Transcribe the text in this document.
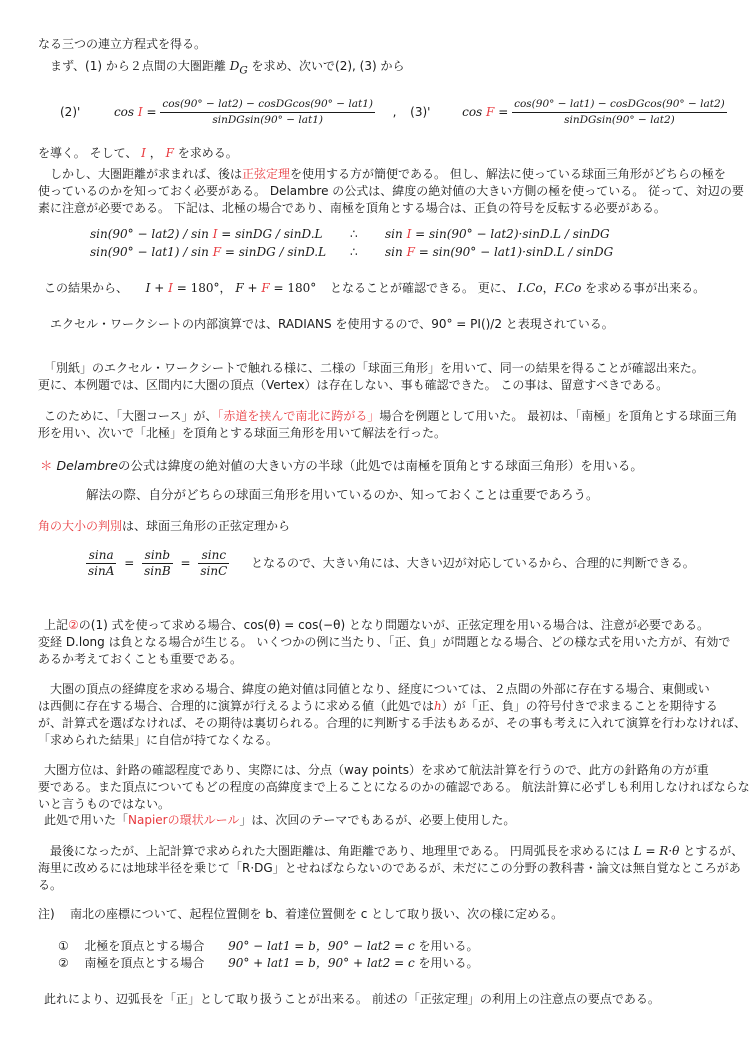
なる三つの連立方程式を得る。
まず、(1) から２点間の大圏距離 $D_G$ を求め、次いで(2), (3) から
(2)'	$\cos I = \frac{\text{cos(90° − lat2) − cosDGcos(90° − lat1)}}{\text{sinDGsin(90° − lat1)}}$ , (3)'	$\cos F = \frac{\text{cos(90° − lat1) − cosDGcos(90° − lat2)}}{\text{sinDGsin(90° − lat2)}}$
を導く。 そして、 I ， F を求める。
しかし、大圏距離が求まれば、後は正弦定理を使用する方が簡便である。 但し、解法に使っている球面三角形がどちらの極を
使っているのかを知っておく必要がある。 Delambre の公式は、緯度の絶対値の大きい方側の極を使っている。 従って、対辺の要
素に注意が必要である。 下記は、北極の場合であり、南極を頂角とする場合は、正負の符号を反転する必要がある。
sin(90° − lat2) / sin I = sinDG / sinD.L ∴ sin I = sin(90° − lat2)·sinD.L / sinDG
sin(90° − lat1) / sin F = sinDG / sinD.L ∴ sin F = sin(90° − lat1)·sinD.L / sinDG
この結果から、 I + I = 180°， F + F = 180° となることが確認できる。 更に、 I.Co，F.Co を求める事が出来る。
エクセル・ワークシートの内部演算では、RADIANS を使用するので、90° = PI()/2 と表現されている。
「別紙」のエクセル・ワークシートで触れる様に、二様の「球面三角形」を用いて、同一の結果を得ることが確認出来た。
更に、本例題では、区間内に大圏の頂点（Vertex）は存在しない、事も確認できた。 この事は、留意すべきである。
このために、「大圏コース」が、「赤道を挟んで南北に跨がる」場合を例題として用いた。 最初は、「南極」を頂角とする球面三角
形を用い、次いで「北極」を頂角とする球面三角形を用いて解法を行った。
＊ Delambreの公式は緯度の絶対値の大きい方の半球（此処では南極を頂角とする球面三角形）を用いる。
解法の際、自分がどちらの球面三角形を用いているのか、知っておくことは重要であろう。
角の大小の判別は、球面三角形の正弦定理から
$\frac{\sin a}{\sin A} = \frac{\sin b}{\sin B} = \frac{\sin c}{\sin C}$ となるので、大きい角には、大きい辺が対応しているから、合理的に判断できる。
上記②の(1) 式を使って求める場合、cos(θ) = cos(−θ) となり問題ないが、正弦定理を用いる場合は、注意が必要である。
変経 D.long は負となる場合が生じる。 いくつかの例に当たり、「正、負」が問題となる場合、どの様な式を用いた方が、有効で
あるか考えておくことも重要である。
大圏の頂点の経緯度を求める場合、緯度の絶対値は同値となり、経度については、２点間の外部に存在する場合、東側或い
は西側に存在する場合、合理的に演算が行えるように求める値（此処ではh）が「正、負」の符号付きで求まることを期待する
が、計算式を選ばなければ、その期待は裏切られる。合理的に判断する手法もあるが、その事も考えに入れて演算を行わなければ、
「求められた結果」に自信が持てなくなる。
大圏方位は、針路の確認程度であり、実際には、分点（way points）を求めて航法計算を行うので、此方の針路角の方が重
要である。また頂点についてもどの程度の高緯度まで上ることになるのかの確認である。 航法計算に必ずしも利用しなければならな
いと言うものではない。
此処で用いた「Napierの環状ルール」は、次回のテーマでもあるが、必要上使用した。
最後になったが、上記計算で求められた大圏距離は、角距離であり、地理里である。 円周弧長を求めるには L = R·θ とするが、
海里に改めるには地球半径を乗じて「R·DG」とせねばならないのであるが、未だにこの分野の教科書・論文は無自覚なところがあ
る。
注) 南北の座標について、起程位置側を b、着達位置側を c として取り扱い、次の様に定める。
① 北極を頂点とする場合 90° − lat1 = b，90° − lat2 = c を用いる。
② 南極を頂点とする場合 90° + lat1 = b，90° + lat2 = c を用いる。
此れにより、辺弧長を「正」として取り扱うことが出来る。 前述の「正弦定理」の利用上の注意点の要点である。
